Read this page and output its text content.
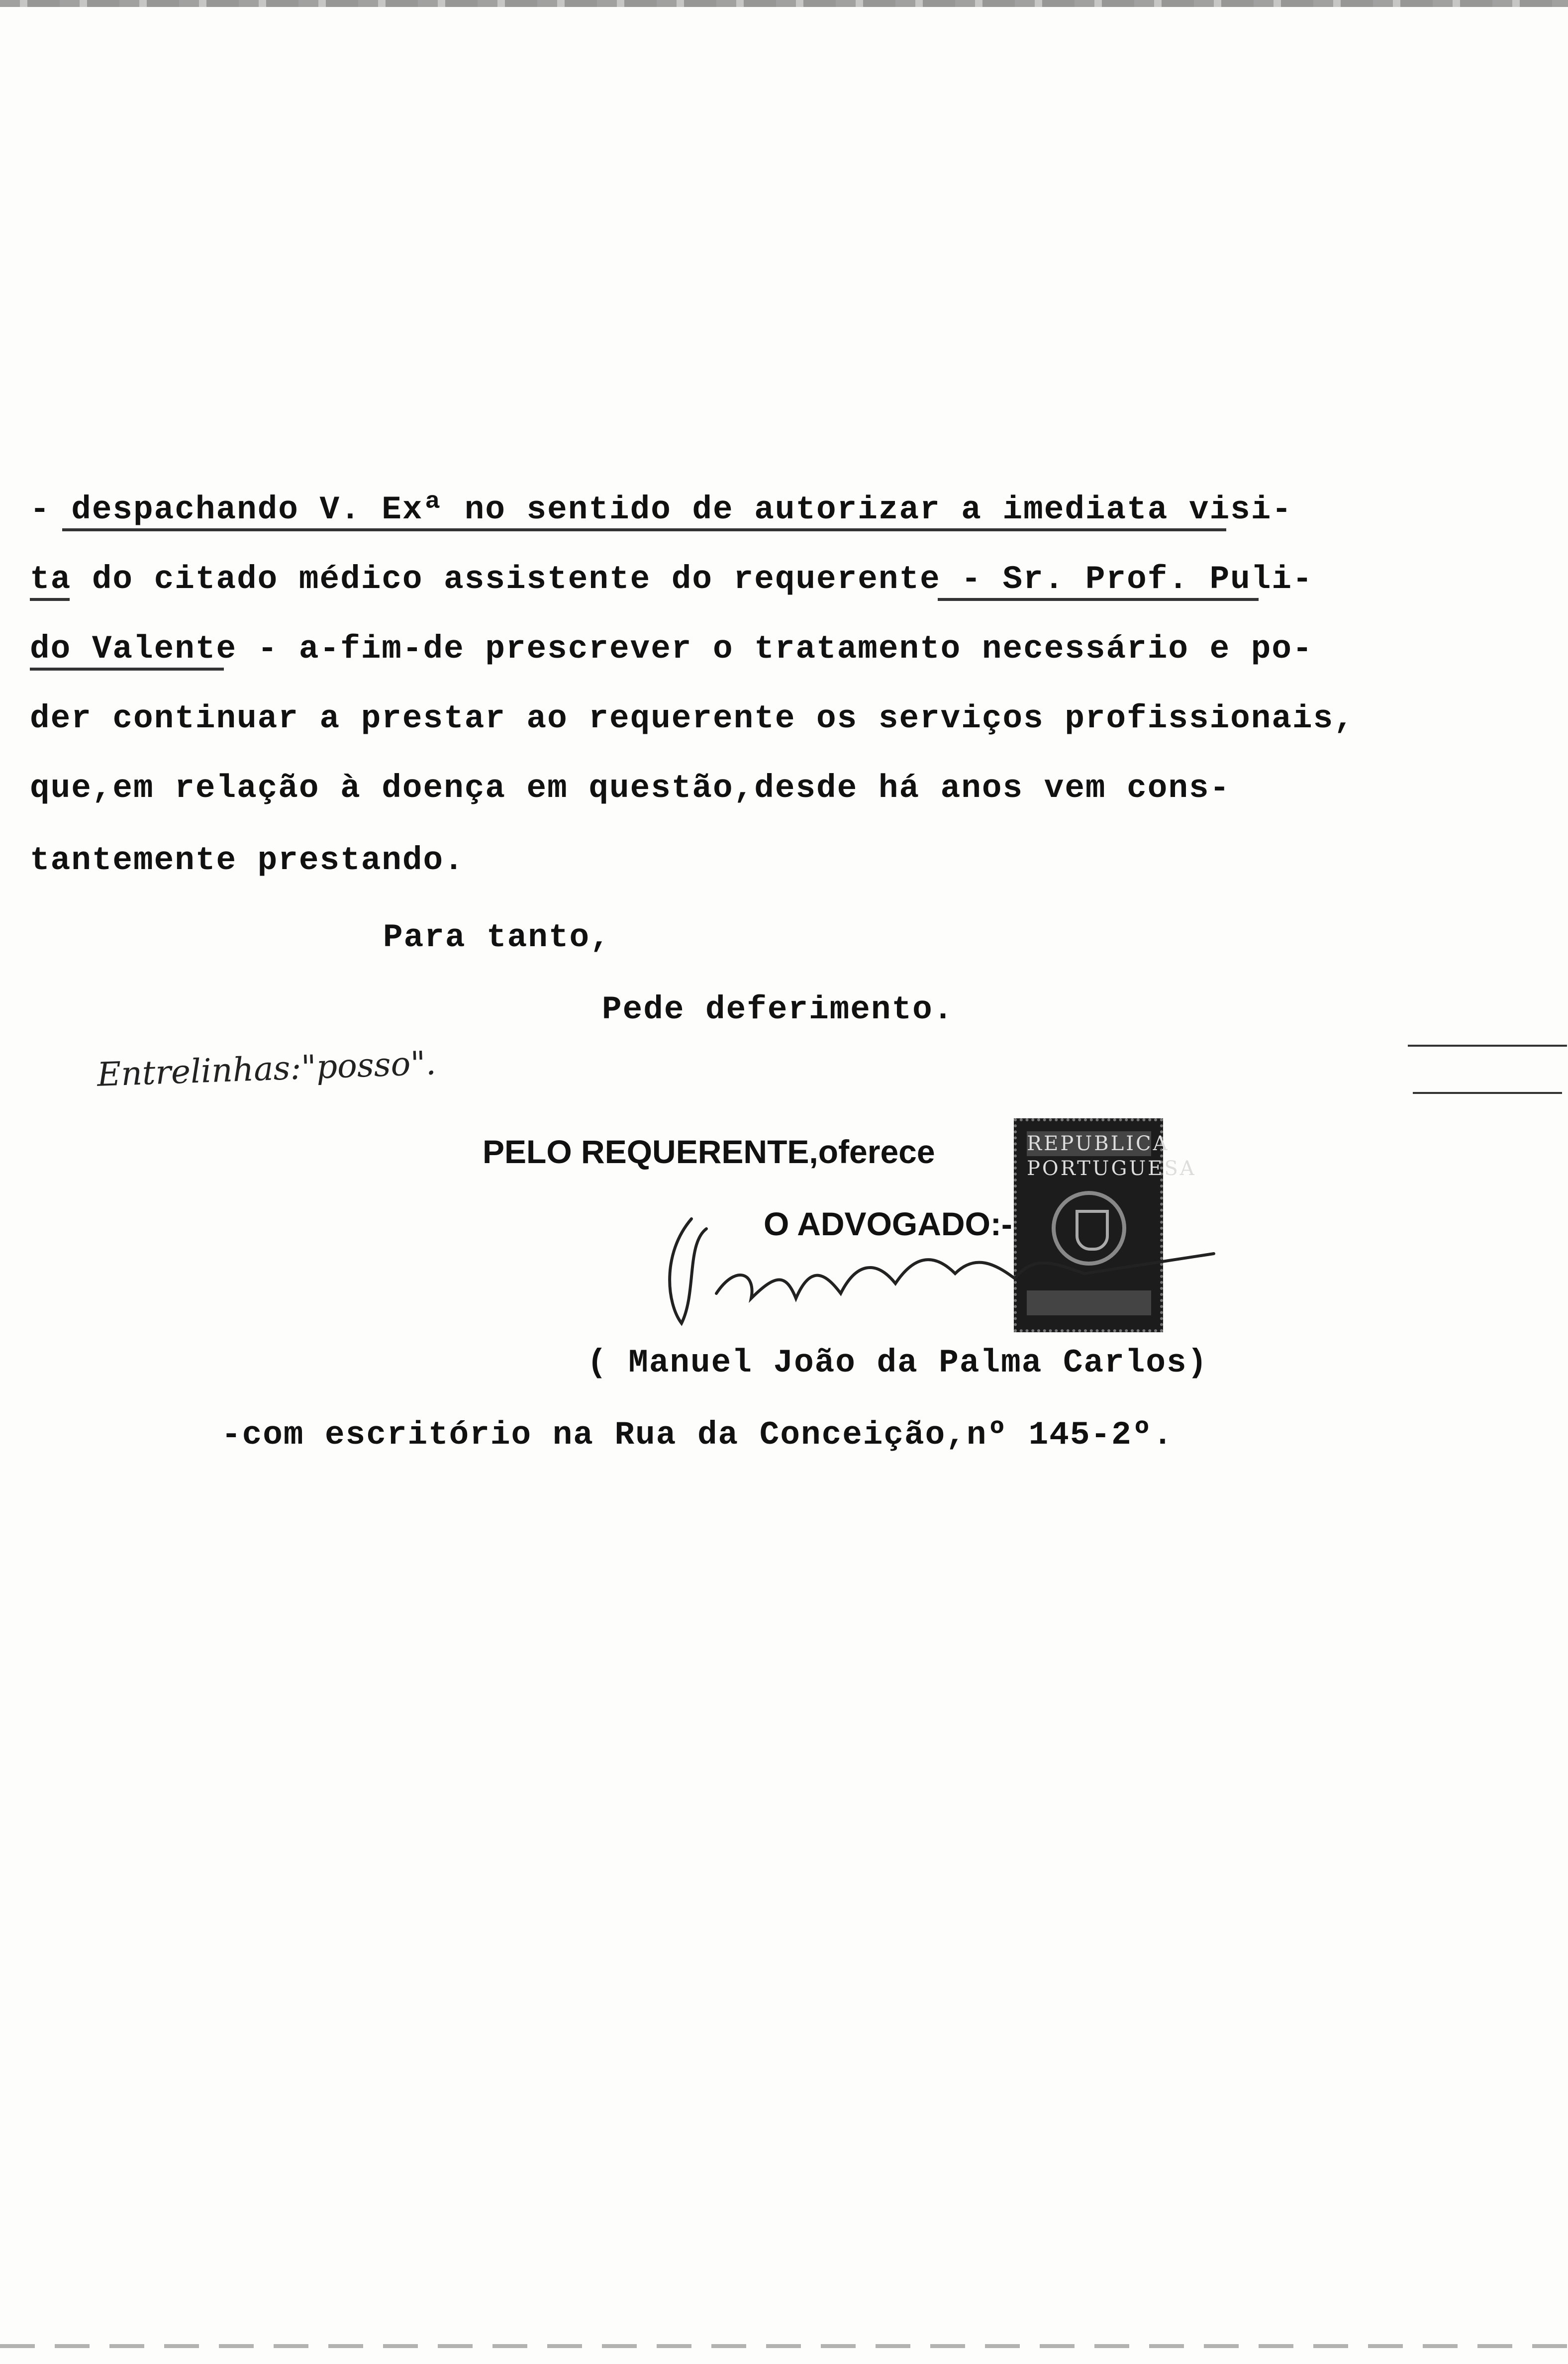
- despachando V. Exª no sentido de autorizar a imediata visi-
ta do citado médico assistente do requerente - Sr. Prof. Puli-
do Valente - a-fim-de prescrever o tratamento necessário e po-
der continuar a prestar ao requerente os serviços profissionais,
que,em relação à doença em questão,desde há anos vem cons-
tantemente prestando.
Para tanto,
Pede deferimento.
Entrelinhas:"posso".
PELO REQUERENTE,oferece
O ADVOGADO:-
REPUBLICA PORTUGUESA
( Manuel João da Palma Carlos)
-com escritório na Rua da Conceição,nº 145-2º.
